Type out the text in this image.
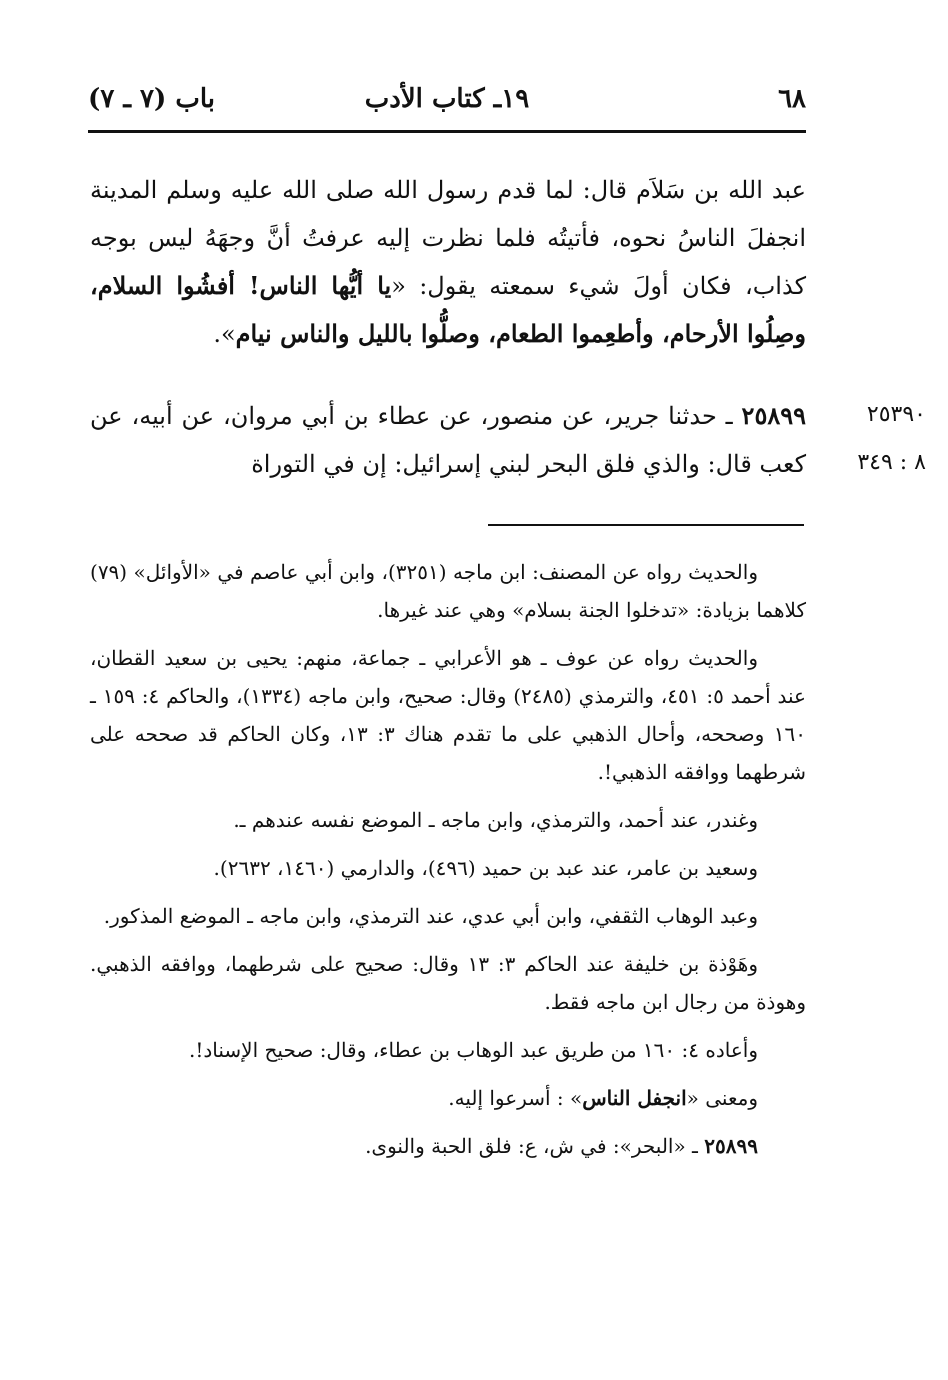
٦٨
١٩ـ كتاب الأدب
باب (٧ ـ ٧)

عبد الله بن سَلاَم قال: لما قدم رسول الله صلى الله عليه وسلم المدينة انجفلَ الناسُ نحوه، فأتيتُه فلما نظرت إليه عرفتُ أنَّ وجهَهُ ليس بوجه كذاب، فكان أولَ شيء سمعته يقول: «يا أيُّها الناس! أفشُوا السلام، وصِلُوا الأرحام، وأطعِموا الطعام، وصلُّوا بالليل والناس نيام».

٢٥٨٩٩ ـ حدثنا جرير، عن منصور، عن عطاء بن أبي مروان، عن أبيه، عن كعب قال: والذي فلق البحر لبني إسرائيل: إن في التوراة
٢٥٣٩٠
٨ : ٣٤٩

والحديث رواه عن المصنف: ابن ماجه (٣٢٥١)، وابن أبي عاصم في «الأوائل» (٧٩) كلاهما بزيادة: «تدخلوا الجنة بسلام» وهي عند غيرها.

والحديث رواه عن عوف ـ هو الأعرابي ـ جماعة، منهم: يحيى بن سعيد القطان، عند أحمد ٥: ٤٥١، والترمذي (٢٤٨٥) وقال: صحيح، وابن ماجه (١٣٣٤)، والحاكم ٤: ١٥٩ ـ ١٦٠ وصححه، وأحال الذهبي على ما تقدم هناك ٣: ١٣، وكان الحاكم قد صححه على شرطهما ووافقه الذهبي!.

وغندر، عند أحمد، والترمذي، وابن ماجه ـ الموضع نفسه عندهم ـ.

وسعيد بن عامر، عند عبد بن حميد (٤٩٦)، والدارمي (١٤٦٠، ٢٦٣٢).

وعبد الوهاب الثقفي، وابن أبي عدي، عند الترمذي، وابن ماجه ـ الموضع المذكور.

وهَوْذة بن خليفة عند الحاكم ٣: ١٣ وقال: صحيح على شرطهما، ووافقه الذهبي. وهوذة من رجال ابن ماجه فقط.

وأعاده ٤: ١٦٠ من طريق عبد الوهاب بن عطاء، وقال: صحيح الإسناد!.

ومعنى «انجفل الناس» : أسرعوا إليه.

٢٥٨٩٩ ـ «البحر»: في ش، ع: فلق الحبة والنوى.
